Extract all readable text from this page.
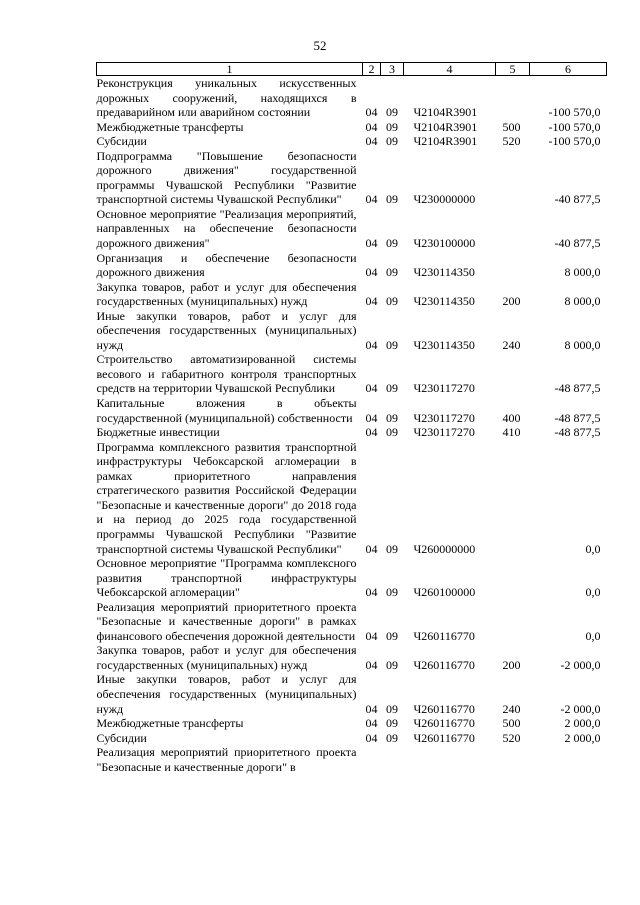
52
1	2	3	4	5	6
Реконструкция уникальных искусственных дорожных сооружений, находящихся в предаварийном или аварийном состоянии	04	09	Ч2104R3901		-100 570,0
Межбюджетные трансферты	04	09	Ч2104R3901	500	-100 570,0
Субсидии	04	09	Ч2104R3901	520	-100 570,0
Подпрограмма "Повышение безопасности дорожного движения" государственной программы Чувашской Республики "Развитие транспортной системы Чувашской Республики"	04	09	Ч230000000		-40 877,5
Основное мероприятие "Реализация мероприятий, направленных на обеспечение безопасности дорожного движения"	04	09	Ч230100000		-40 877,5
Организация и обеспечение безопасности дорожного движения	04	09	Ч230114350		8 000,0
Закупка товаров, работ и услуг для обеспечения государственных (муниципальных) нужд	04	09	Ч230114350	200	8 000,0
Иные закупки товаров, работ и услуг для обеспечения государственных (муниципальных) нужд	04	09	Ч230114350	240	8 000,0
Строительство автоматизированной системы весового и габаритного контроля транспортных средств на территории Чувашской Республики	04	09	Ч230117270		-48 877,5
Капитальные вложения в объекты государственной (муниципальной) собственности	04	09	Ч230117270	400	-48 877,5
Бюджетные инвестиции	04	09	Ч230117270	410	-48 877,5
Программа комплексного развития транспортной инфраструктуры Чебоксарской агломерации в рамках приоритетного направления стратегического развития Российской Федерации "Безопасные и качественные дороги" до 2018 года и на период до 2025 года государственной программы Чувашской Республики "Развитие транспортной системы Чувашской Республики"	04	09	Ч260000000		0,0
Основное мероприятие "Программа комплексного развития транспортной инфраструктуры Чебоксарской агломерации"	04	09	Ч260100000		0,0
Реализация мероприятий приоритетного проекта "Безопасные и качественные дороги" в рамках финансового обеспечения дорожной деятельности	04	09	Ч260116770		0,0
Закупка товаров, работ и услуг для обеспечения государственных (муниципальных) нужд	04	09	Ч260116770	200	-2 000,0
Иные закупки товаров, работ и услуг для обеспечения государственных (муниципальных) нужд	04	09	Ч260116770	240	-2 000,0
Межбюджетные трансферты	04	09	Ч260116770	500	2 000,0
Субсидии	04	09	Ч260116770	520	2 000,0
Реализация мероприятий приоритетного проекта "Безопасные и качественные дороги" в					
